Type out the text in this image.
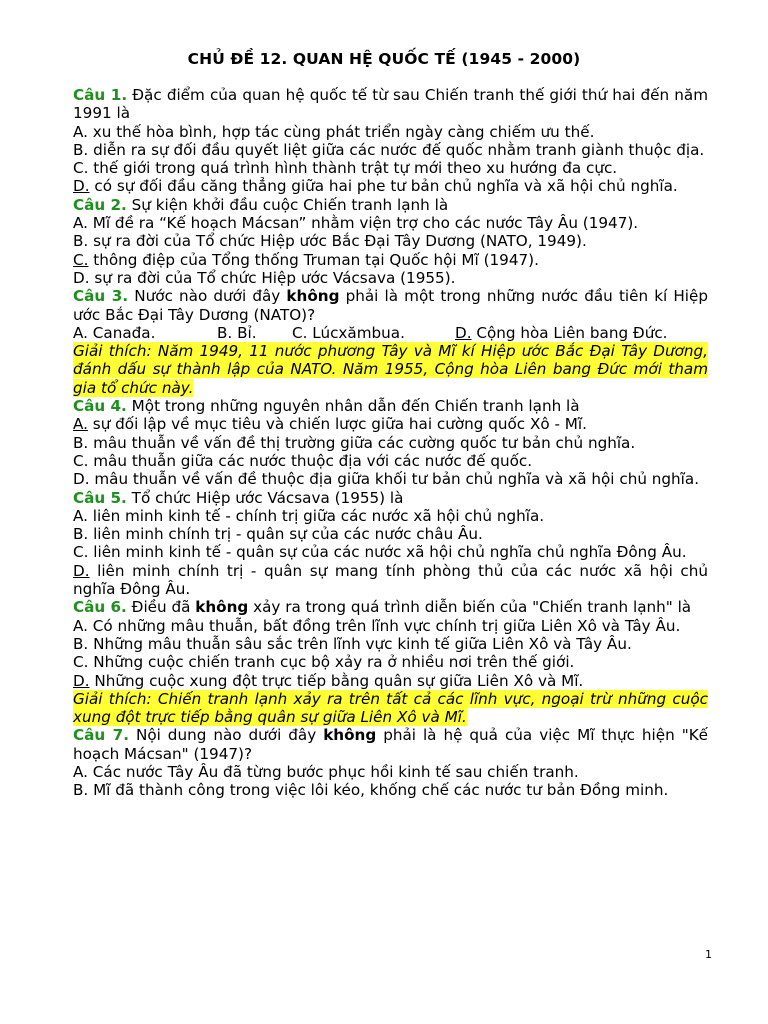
CHỦ ĐỀ 12. QUAN HỆ QUỐC TẾ (1945 - 2000)

Câu 1. Đặc điểm của quan hệ quốc tế từ sau Chiến tranh thế giới thứ hai đến năm 1991 là

A. xu thế hòa bình, hợp tác cùng phát triển ngày càng chiếm ưu thế.

B. diễn ra sự đối đầu quyết liệt giữa các nước đế quốc nhằm tranh giành thuộc địa.

C. thế giới trong quá trình hình thành trật tự mới theo xu hướng đa cực.

D. có sự đối đầu căng thẳng giữa hai phe tư bản chủ nghĩa và xã hội chủ nghĩa.

Câu 2. Sự kiện khởi đầu cuộc Chiến tranh lạnh là

A. Mĩ đề ra “Kế hoạch Mácsan” nhằm viện trợ cho các nước Tây Âu (1947).

B. sự ra đời của Tổ chức Hiệp ước Bắc Đại Tây Dương (NATO, 1949).

C. thông điệp của Tổng thống Truman tại Quốc hội Mĩ (1947).

D. sự ra đời của Tổ chức Hiệp ước Vácsava (1955).

Câu 3. Nước nào dưới đây không phải là một trong những nước đầu tiên kí Hiệp ước Bắc Đại Tây Dương (NATO)?

A. Canađa.	B. Bỉ.	C. Lúcxămbua.	D. Cộng hòa Liên bang Đức.

Giải thích: Năm 1949, 11 nước phương Tây và Mĩ kí Hiệp ước Bắc Đại Tây Dương, đánh dấu sự thành lập của NATO. Năm 1955, Cộng hòa Liên bang Đức mới tham gia tổ chức này.

Câu 4. Một trong những nguyên nhân dẫn đến Chiến tranh lạnh là

A. sự đối lập về mục tiêu và chiến lược giữa hai cường quốc Xô - Mĩ.

B. mâu thuẫn về vấn đề thị trường giữa các cường quốc tư bản chủ nghĩa.

C. mâu thuẫn giữa các nước thuộc địa với các nước đế quốc.

D. mâu thuẫn về vấn đề thuộc địa giữa khối tư bản chủ nghĩa và xã hội chủ nghĩa.

Câu 5. Tổ chức Hiệp ước Vácsava (1955) là

A. liên minh kinh tế - chính trị giữa các nước xã hội chủ nghĩa.

B. liên minh chính trị - quân sự của các nước châu Âu.

C. liên minh kinh tế - quân sự của các nước xã hội chủ nghĩa chủ nghĩa Đông Âu.

D. liên minh chính trị - quân sự mang tính phòng thủ của các nước xã hội chủ nghĩa Đông Âu.

Câu 6. Điều đã không xảy ra trong quá trình diễn biến của "Chiến tranh lạnh" là

A. Có những mâu thuẫn, bất đồng trên lĩnh vực chính trị giữa Liên Xô và Tây Âu.

B. Những mâu thuẫn sâu sắc trên lĩnh vực kinh tế giữa Liên Xô và Tây Âu.

C. Những cuộc chiến tranh cục bộ xảy ra ở nhiều nơi trên thế giới.

D. Những cuộc xung đột trực tiếp bằng quân sự giữa Liên Xô và Mĩ.

Giải thích: Chiến tranh lạnh xảy ra trên tất cả các lĩnh vực, ngoại trừ những cuộc xung đột trực tiếp bằng quân sự giữa Liên Xô và Mĩ.

Câu 7. Nội dung nào dưới đây không phải là hệ quả của việc Mĩ thực hiện "Kế hoạch Mácsan" (1947)?

A. Các nước Tây Âu đã từng bước phục hồi kinh tế sau chiến tranh.

B. Mĩ đã thành công trong việc lôi kéo, khống chế các nước tư bản Đồng minh.

1
